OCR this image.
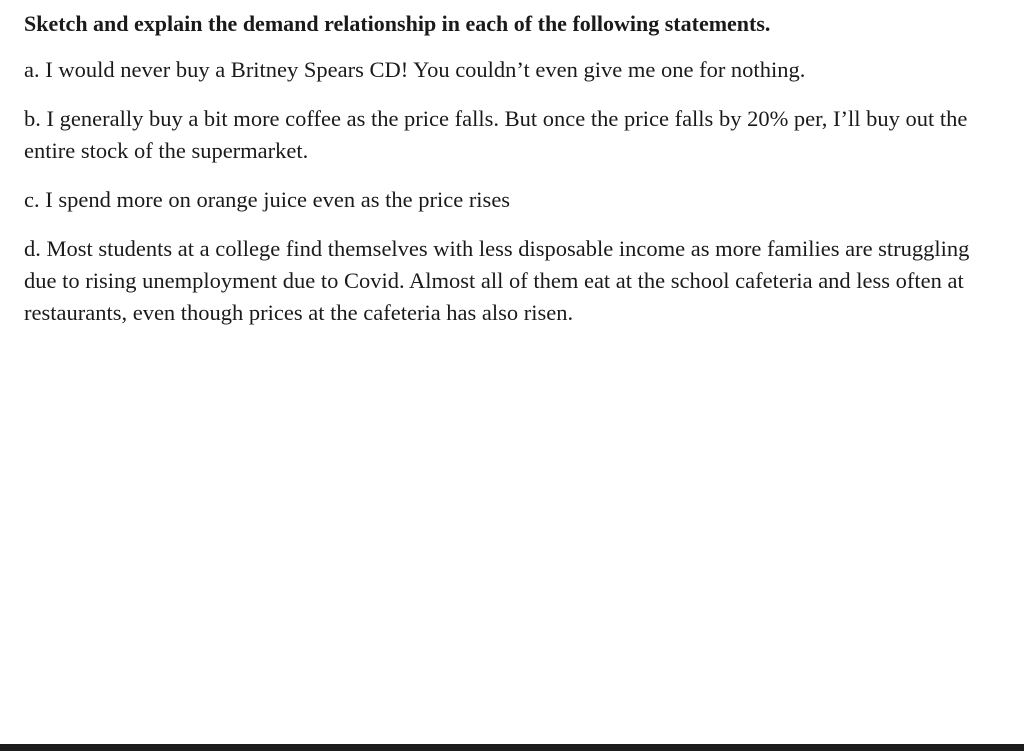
Sketch and explain the demand relationship in each of the following statements.

a. I would never buy a Britney Spears CD! You couldn’t even give me one for nothing.

b. I generally buy a bit more coffee as the price falls. But once the price falls by 20% per, I’ll buy out the entire stock of the supermarket.

c. I spend more on orange juice even as the price rises

d. Most students at a college find themselves with less disposable income as more families are struggling due to rising unemployment due to Covid. Almost all of them eat at the school cafeteria and less often at restaurants, even though prices at the cafeteria has also risen.
